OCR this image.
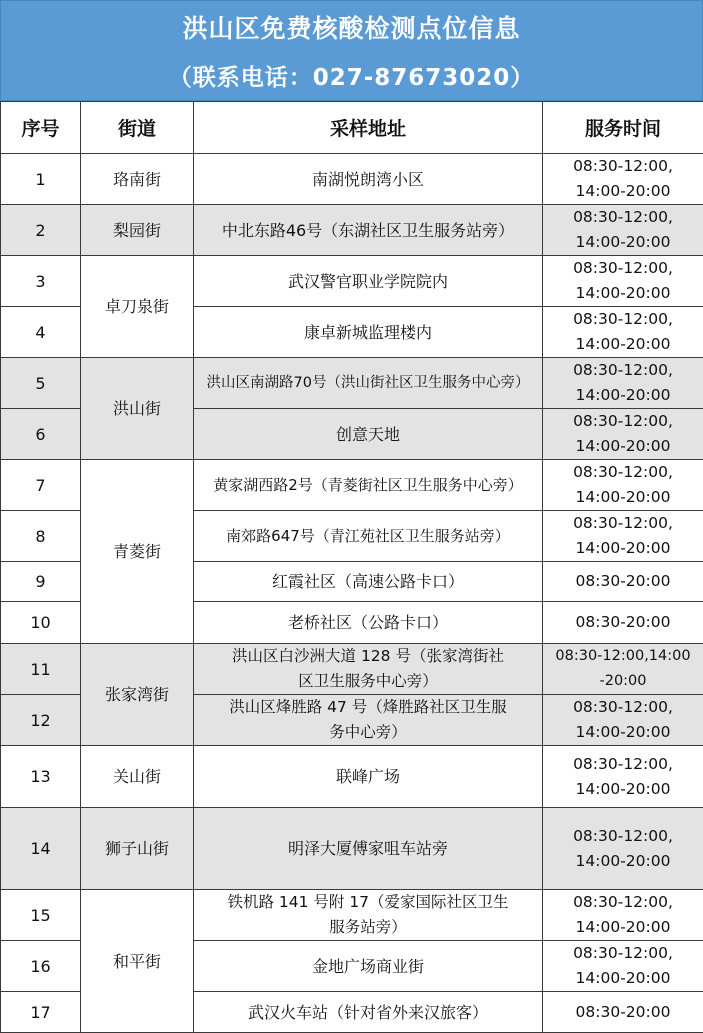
洪山区免费核酸检测点位信息
（联系电话：027-87673020）
序号	街道	采样地址	服务时间
1	珞南街	南湖悦朗湾小区	08:30-12:00,
14:00-20:00
2	梨园街	中北东路46号（东湖社区卫生服务站旁）	08:30-12:00,
14:00-20:00
3	卓刀泉街	武汉警官职业学院院内	08:30-12:00,
14:00-20:00
4		康卓新城监理楼内	08:30-12:00,
14:00-20:00
5	洪山街	洪山区南湖路70号（洪山街社区卫生服务中心旁）	08:30-12:00,
14:00-20:00
6		创意天地	08:30-12:00,
14:00-20:00
7	青菱街	黄家湖西路2号（青菱街社区卫生服务中心旁）	08:30-12:00,
14:00-20:00
8		南郊路647号（青江苑社区卫生服务站旁）	08:30-12:00,
14:00-20:00
9		红霞社区（高速公路卡口）	08:30-20:00
10		老桥社区（公路卡口）	08:30-20:00
11	张家湾街	洪山区白沙洲大道 128 号（张家湾街社
区卫生服务中心旁）	08:30-12:00,14:00
-20:00
12		洪山区烽胜路 47 号（烽胜路社区卫生服
务中心旁）	08:30-12:00,
14:00-20:00
13	关山街	联峰广场	08:30-12:00,
14:00-20:00
14	狮子山街	明泽大厦傅家咀车站旁	08:30-12:00,
14:00-20:00
15	和平街	铁机路 141 号附 17（爱家国际社区卫生
服务站旁）	08:30-12:00,
14:00-20:00
16		金地广场商业街	08:30-12:00,
14:00-20:00
17		武汉火车站（针对省外来汉旅客）	08:30-20:00
